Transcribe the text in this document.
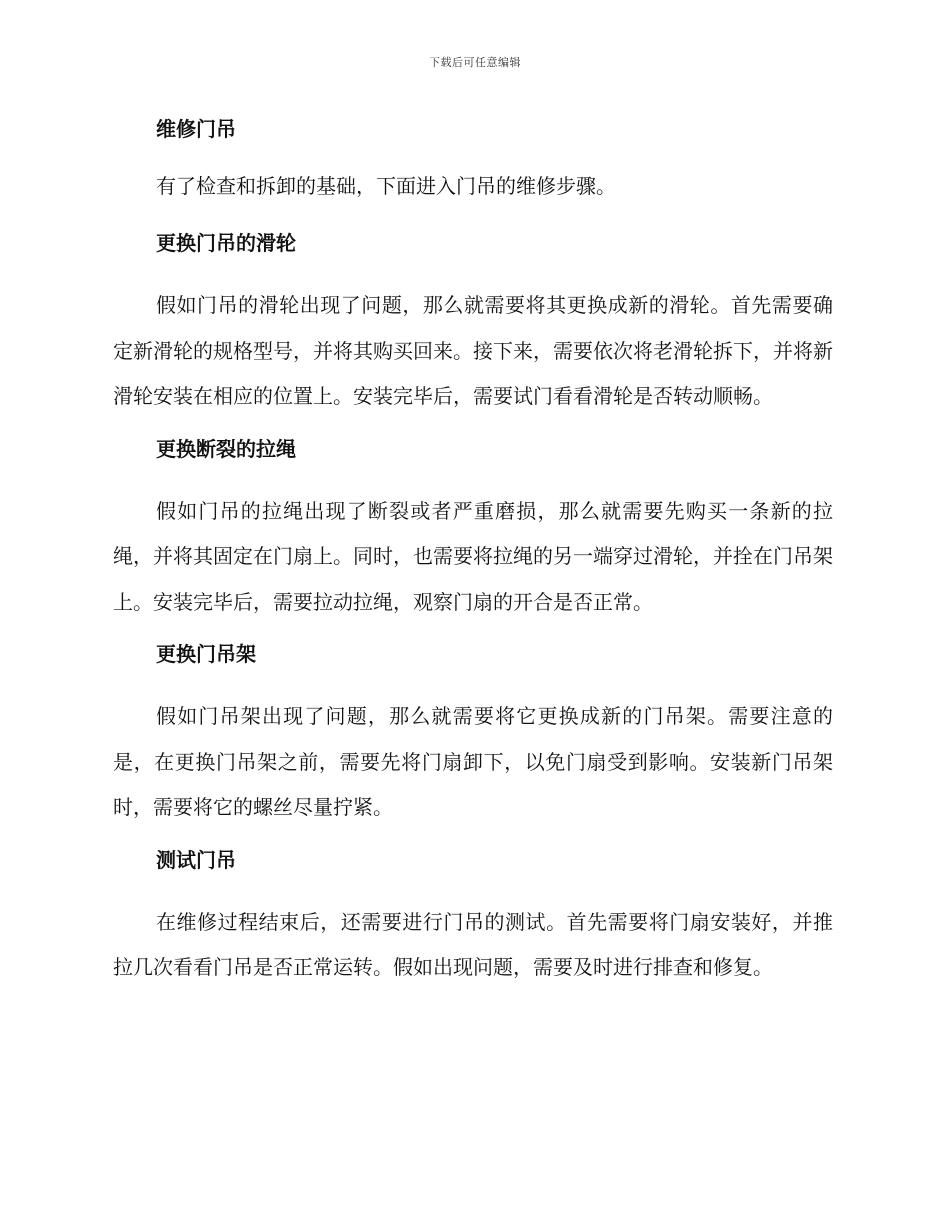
下载后可任意编辑
维修门吊

有了检查和拆卸的基础，下面进入门吊的维修步骤。

更换门吊的滑轮

假如门吊的滑轮出现了问题，那么就需要将其更换成新的滑轮。首先需要确定新滑轮的规格型号，并将其购买回来。接下来，需要依次将老滑轮拆下，并将新滑轮安装在相应的位置上。安装完毕后，需要试门看看滑轮是否转动顺畅。

更换断裂的拉绳

假如门吊的拉绳出现了断裂或者严重磨损，那么就需要先购买一条新的拉绳，并将其固定在门扇上。同时，也需要将拉绳的另一端穿过滑轮，并拴在门吊架上。安装完毕后，需要拉动拉绳，观察门扇的开合是否正常。

更换门吊架

假如门吊架出现了问题，那么就需要将它更换成新的门吊架。需要注意的是，在更换门吊架之前，需要先将门扇卸下，以免门扇受到影响。安装新门吊架时，需要将它的螺丝尽量拧紧。

测试门吊

在维修过程结束后，还需要进行门吊的测试。首先需要将门扇安装好，并推拉几次看看门吊是否正常运转。假如出现问题，需要及时进行排查和修复。
